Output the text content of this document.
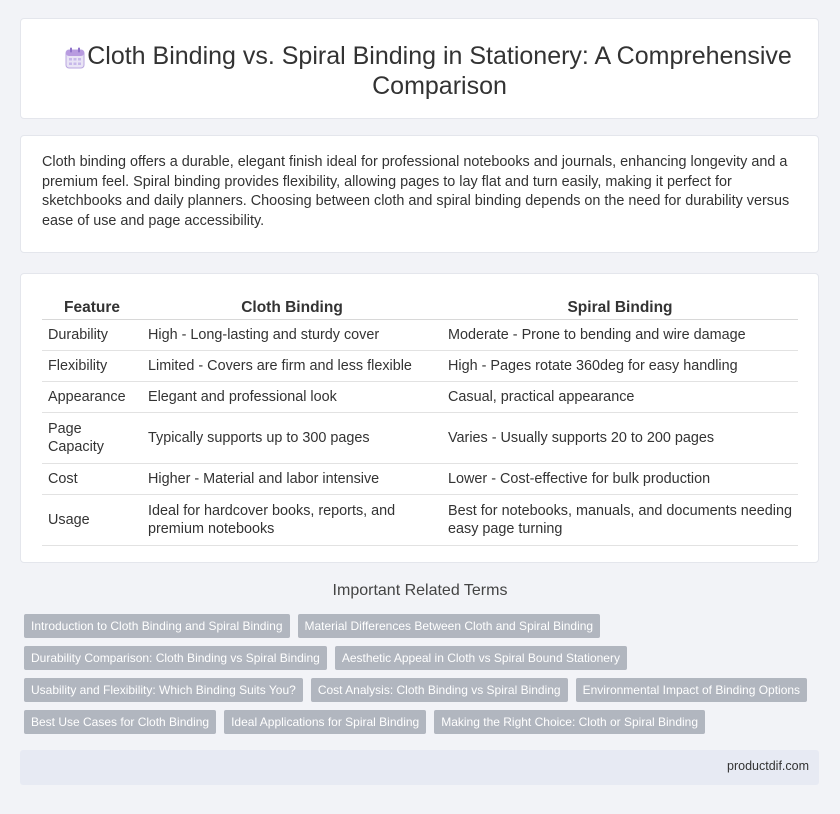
Cloth Binding vs. Spiral Binding in Stationery: A Comprehensive Comparison

Cloth binding offers a durable, elegant finish ideal for professional notebooks and journals, enhancing longevity and a premium feel. Spiral binding provides flexibility, allowing pages to lay flat and turn easily, making it perfect for sketchbooks and daily planners. Choosing between cloth and spiral binding depends on the need for durability versus ease of use and page accessibility.

Feature	Cloth Binding	Spiral Binding
Durability	High - Long-lasting and sturdy cover	Moderate - Prone to bending and wire damage
Flexibility	Limited - Covers are firm and less flexible	High - Pages rotate 360deg for easy handling
Appearance	Elegant and professional look	Casual, practical appearance
Page Capacity	Typically supports up to 300 pages	Varies - Usually supports 20 to 200 pages
Cost	Higher - Material and labor intensive	Lower - Cost-effective for bulk production
Usage	Ideal for hardcover books, reports, and premium notebooks	Best for notebooks, manuals, and documents needing easy page turning
Important Related Terms
Introduction to Cloth Binding and Spiral Binding	Material Differences Between Cloth and Spiral Binding
Durability Comparison: Cloth Binding vs Spiral Binding	Aesthetic Appeal in Cloth vs Spiral Bound Stationery
Usability and Flexibility: Which Binding Suits You?	Cost Analysis: Cloth Binding vs Spiral Binding	Environmental Impact of Binding Options
Best Use Cases for Cloth Binding	Ideal Applications for Spiral Binding	Making the Right Choice: Cloth or Spiral Binding
productdif.com
